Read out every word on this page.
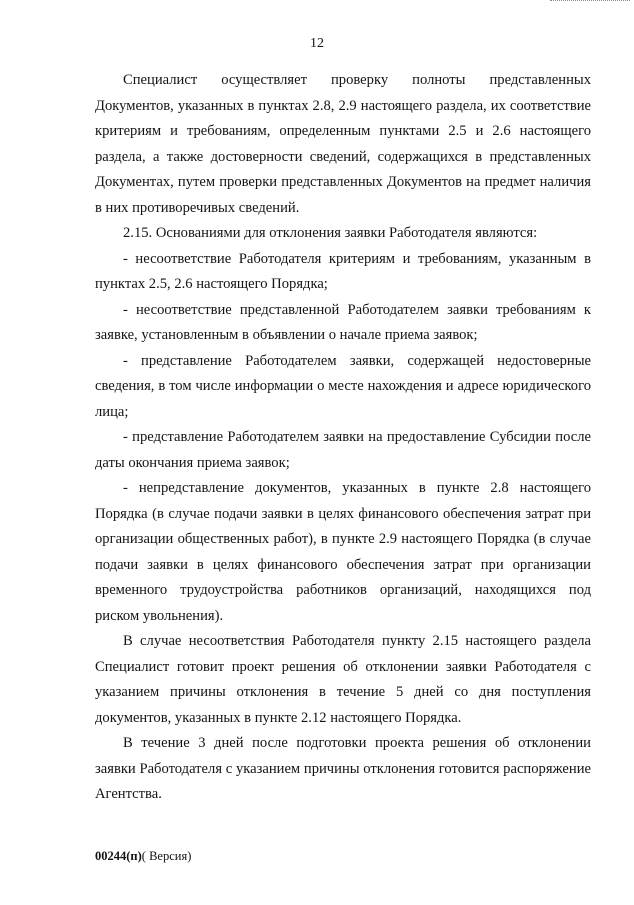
12

Специалист осуществляет проверку полноты представленных Документов, указанных в пунктах 2.8, 2.9 настоящего раздела, их соответствие критериям и требованиям, определенным пунктами 2.5 и 2.6 настоящего раздела, а также достоверности сведений, содержащихся в представленных Документах, путем проверки представленных Документов на предмет наличия в них противоречивых сведений.

2.15. Основаниями для отклонения заявки Работодателя являются:

- несоответствие Работодателя критериям и требованиям, указанным в пунктах 2.5, 2.6 настоящего Порядка;

- несоответствие представленной Работодателем заявки требованиям к заявке, установленным в объявлении о начале приема заявок;

- представление Работодателем заявки, содержащей недостоверные сведения, в том числе информации о месте нахождения и адресе юридического лица;

- представление Работодателем заявки на предоставление Субсидии после даты окончания приема заявок;

- непредставление документов, указанных в пункте 2.8 настоящего Порядка (в случае подачи заявки в целях финансового обеспечения затрат при организации общественных работ), в пункте 2.9 настоящего Порядка (в случае подачи заявки в целях финансового обеспечения затрат при организации временного трудоустройства работников организаций, находящихся под риском увольнения).

В случае несоответствия Работодателя пункту 2.15 настоящего раздела Специалист готовит проект решения об отклонении заявки Работодателя с указанием причины отклонения в течение 5 дней со дня поступления документов, указанных в пункте 2.12 настоящего Порядка.

В течение 3 дней после подготовки проекта решения об отклонении заявки Работодателя с указанием причины отклонения готовится распоряжение Агентства.

00244(п)( Версия)
